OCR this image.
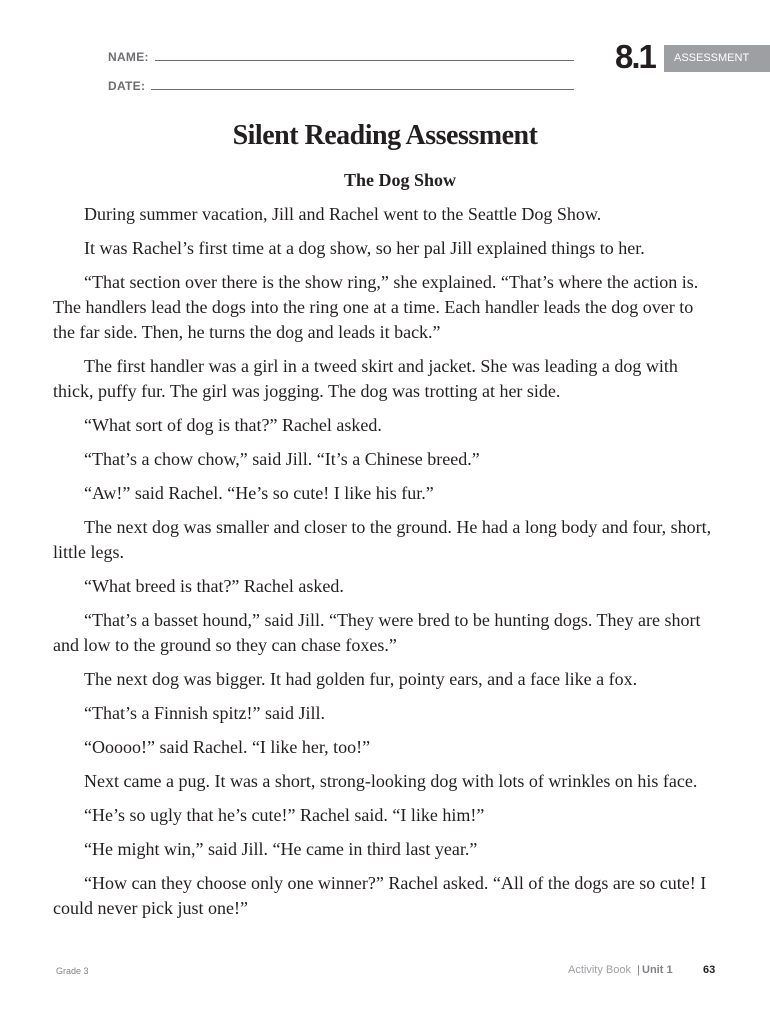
NAME:
DATE:
8.1	ASSESSMENT
Silent Reading Assessment
The Dog Show

During summer vacation, Jill and Rachel went to the Seattle Dog Show.

It was Rachel’s first time at a dog show, so her pal Jill explained things to her.

“That section over there is the show ring,” she explained. “That’s where the action is. The handlers lead the dogs into the ring one at a time. Each handler leads the dog over to the far side. Then, he turns the dog and leads it back.”

The first handler was a girl in a tweed skirt and jacket. She was leading a dog with thick, puffy fur. The girl was jogging. The dog was trotting at her side.

“What sort of dog is that?” Rachel asked.

“That’s a chow chow,” said Jill. “It’s a Chinese breed.”

“Aw!” said Rachel. “He’s so cute! I like his fur.”

The next dog was smaller and closer to the ground. He had a long body and four, short, little legs.

“What breed is that?” Rachel asked.

“That’s a basset hound,” said Jill. “They were bred to be hunting dogs. They are short and low to the ground so they can chase foxes.”

The next dog was bigger. It had golden fur, pointy ears, and a face like a fox.

“That’s a Finnish spitz!” said Jill.

“Ooooo!” said Rachel. “I like her, too!”

Next came a pug. It was a short, strong-looking dog with lots of wrinkles on his face.

“He’s so ugly that he’s cute!” Rachel said. “I like him!”

“He might win,” said Jill. “He came in third last year.”

“How can they choose only one winner?” Rachel asked. “All of the dogs are so cute! I could never pick just one!”

Grade 3	Activity Book | Unit 1	63
